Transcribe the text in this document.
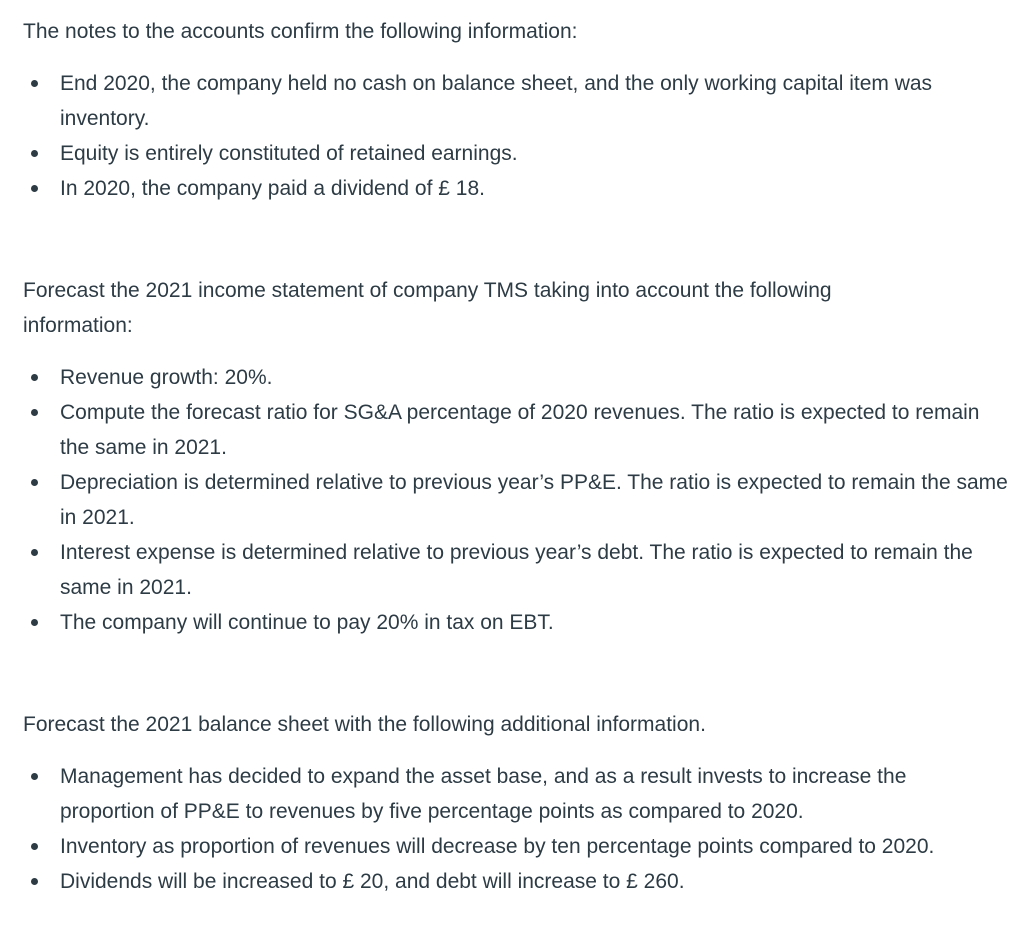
The notes to the accounts confirm the following information:

End 2020, the company held no cash on balance sheet, and the only working capital item was inventory.
Equity is entirely constituted of retained earnings.
In 2020, the company paid a dividend of £ 18.

Forecast the 2021 income statement of company TMS taking into account the following information:

Revenue growth: 20%.
Compute the forecast ratio for SG&A percentage of 2020 revenues. The ratio is expected to remain the same in 2021.
Depreciation is determined relative to previous year’s PP&E. The ratio is expected to remain the same in 2021.
Interest expense is determined relative to previous year’s debt. The ratio is expected to remain the same in 2021.
The company will continue to pay 20% in tax on EBT.

Forecast the 2021 balance sheet with the following additional information.

Management has decided to expand the asset base, and as a result invests to increase the proportion of PP&E to revenues by five percentage points as compared to 2020.
Inventory as proportion of revenues will decrease by ten percentage points compared to 2020.
Dividends will be increased to £ 20, and debt will increase to £ 260.
